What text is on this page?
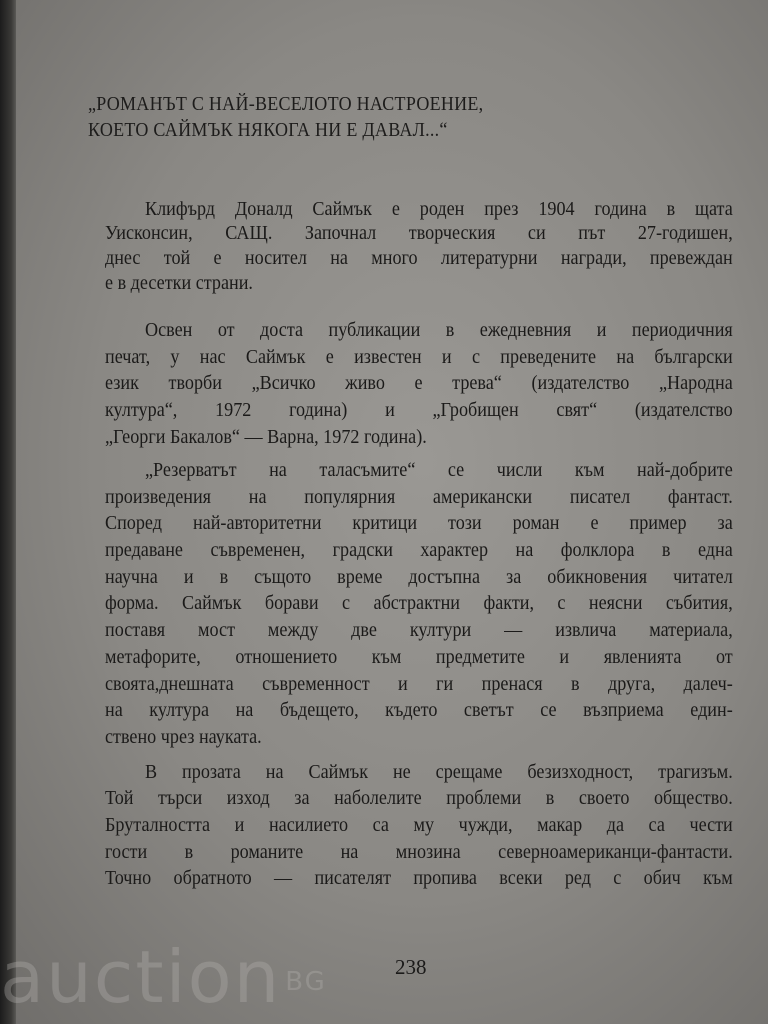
„РОМАНЪТ С НАЙ-ВЕСЕЛОТО НАСТРОЕНИЕ,
КОЕТО САЙМЪК НЯКОГА НИ Е ДАВАЛ...“
Клифърд Доналд Саймък е роден през 1904 година в щата
Уисконсин, САЩ. Започнал творческия си път 27-годишен,
днес той е носител на много литературни награди, превеждан
е в десетки страни.
Освен от доста публикации в ежедневния и периодичния
печат, у нас Саймък е известен и с преведените на български
език творби „Всичко живо е трева“ (издателство „Народна
култура“, 1972 година) и „Гробищен свят“ (издателство
„Георги Бакалов“ — Варна, 1972 година).
„Резерватът на таласъмите“ се числи към най-добрите
произведения на популярния американски писател фантаст.
Според най-авторитетни критици този роман е пример за
предаване съвременен, градски характер на фолклора в една
научна и в същото време достъпна за обикновения читател
форма. Саймък борави с абстрактни факти, с неясни събития,
поставя мост между две култури — извлича материала,
метафорите, отношението към предметите и явленията от
своята,днешната съвременност и ги пренася в друга, далеч-
на култура на бъдещето, където светът се възприема един-
ствено чрез науката.
В прозата на Саймък не срещаме безизходност, трагизъм.
Той търси изход за наболелите проблеми в своето общество.
Бруталността и насилието са му чужди, макар да са чести
гости в романите на мнозина северноамериканци-фантасти.
Точно обратното — писателят пропива всеки ред с обич към
auction BG	238
